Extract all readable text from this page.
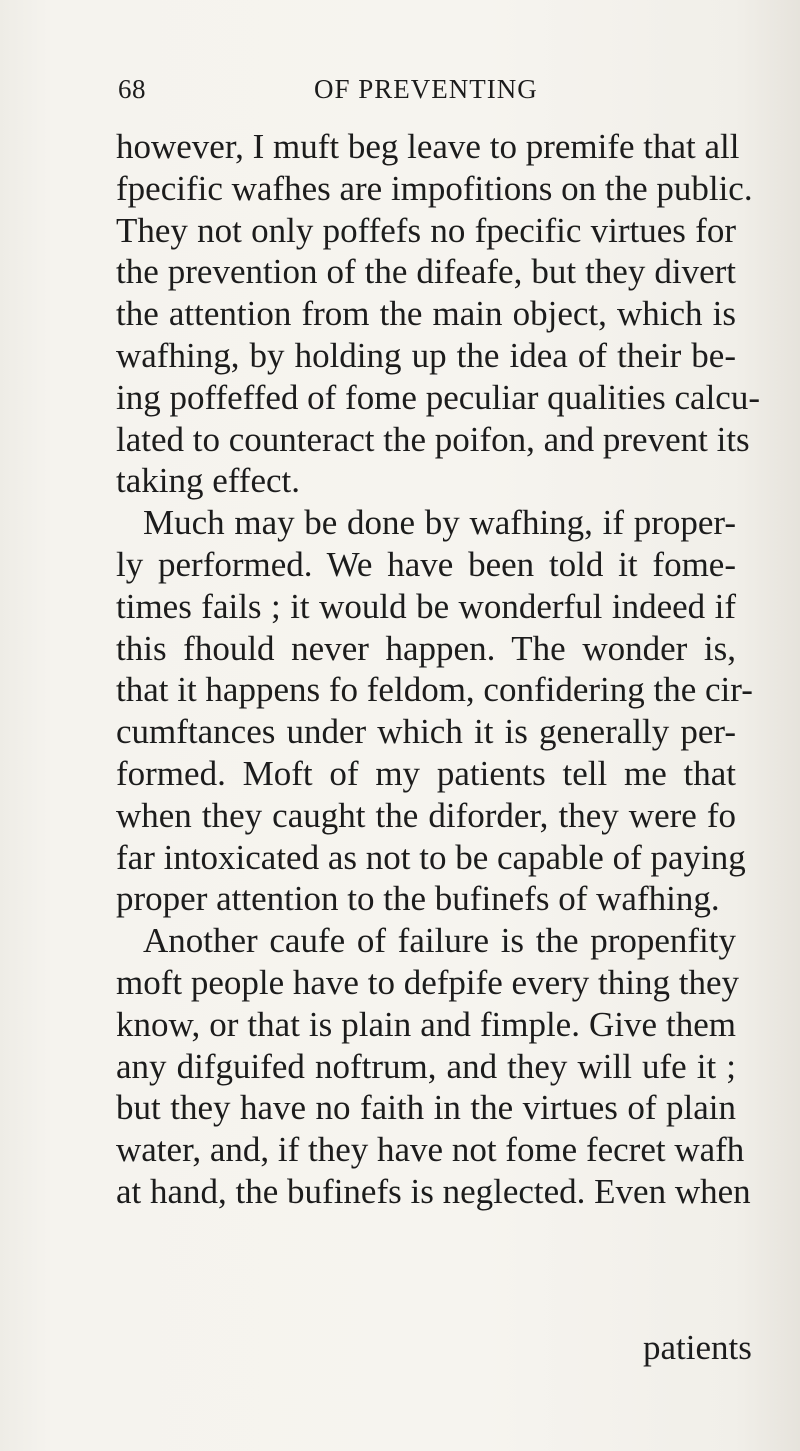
68	OF PREVENTING
however, I muft beg leave to premife that all
fpecific wafhes are impofitions on the public.
They not only poffefs no fpecific virtues for
the prevention of the difeafe, but they divert
the attention from the main object, which is
wafhing, by holding up the idea of their be-
ing poffeffed of fome peculiar qualities calcu-
lated to counteract the poifon, and prevent its
taking effect.
Much may be done by wafhing, if proper-
ly performed. We have been told it fome-
times fails ; it would be wonderful indeed if
this fhould never happen. The wonder is,
that it happens fo feldom, confidering the cir-
cumftances under which it is generally per-
formed. Moft of my patients tell me that
when they caught the diforder, they were fo
far intoxicated as not to be capable of paying
proper attention to the bufinefs of wafhing.
Another caufe of failure is the propenfity
moft people have to defpife every thing they
know, or that is plain and fimple. Give them
any difguifed noftrum, and they will ufe it ;
but they have no faith in the virtues of plain
water, and, if they have not fome fecret wafh
at hand, the bufinefs is neglected. Even when
patients
